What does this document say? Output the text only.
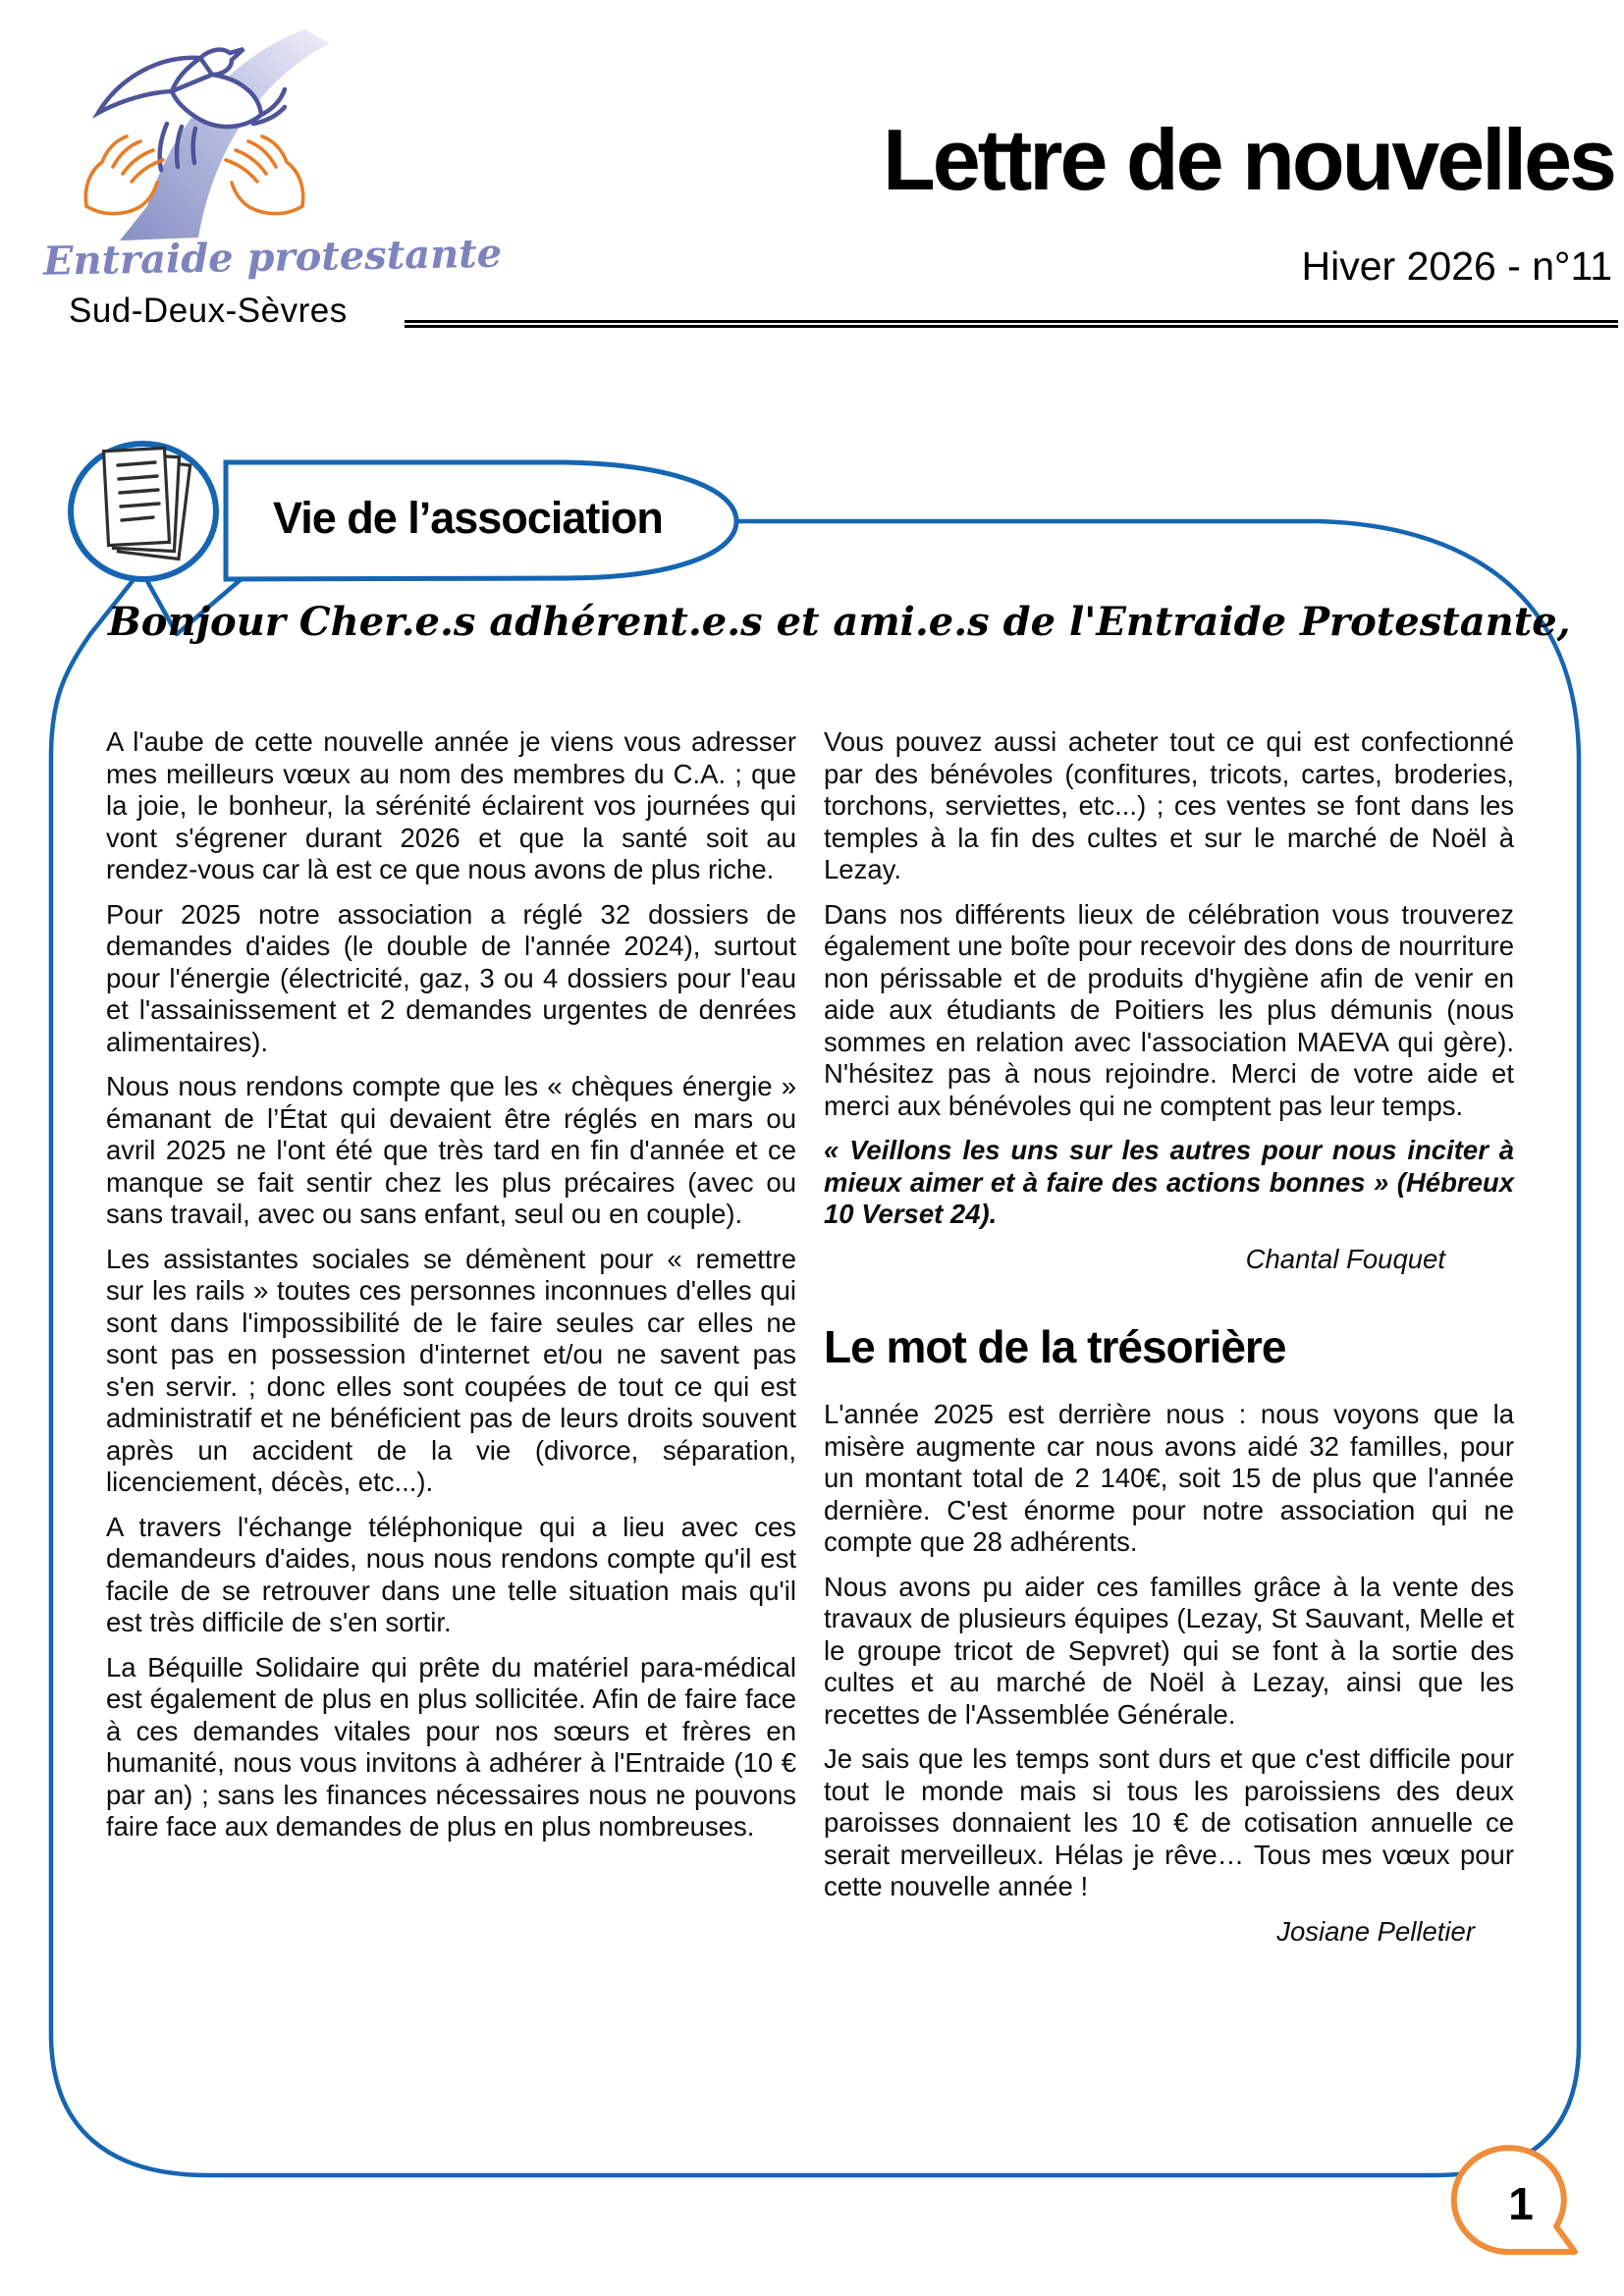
Entraide protestante
Sud-Deux-Sèvres
Lettre de nouvelles
Hiver 2026 - n°11
Vie de l’association
Bonjour Cher.e.s adhérent.e.s et ami.e.s de l'Entraide Protestante,

A l'aube de cette nouvelle année je viens vous adresser mes meilleurs vœux au nom des membres du C.A. ; que la joie, le bonheur, la sérénité éclairent vos journées qui vont s'égrener durant 2026 et que la santé soit au rendez-vous car là est ce que nous avons de plus riche.

Pour 2025 notre association a réglé 32 dossiers de demandes d'aides (le double de l'année 2024), surtout pour l'énergie (électricité, gaz, 3 ou 4 dossiers pour l'eau et l'assainissement et 2 demandes urgentes de denrées alimentaires).

Nous nous rendons compte que les « chèques énergie » émanant de l’État qui devaient être réglés en mars ou avril 2025 ne l'ont été que très tard en fin d'année et ce manque se fait sentir chez les plus précaires (avec ou sans travail, avec ou sans enfant, seul ou en couple).

Les assistantes sociales se démènent pour « remettre sur les rails » toutes ces personnes inconnues d'elles qui sont dans l'impossibilité de le faire seules car elles ne sont pas en possession d'internet et/ou ne savent pas s'en servir. ; donc elles sont coupées de tout ce qui est administratif et ne bénéficient pas de leurs droits souvent après un accident de la vie (divorce, séparation, licenciement, décès, etc...).

A travers l'échange téléphonique qui a lieu avec ces demandeurs d'aides, nous nous rendons compte qu'il est facile de se retrouver dans une telle situation mais qu'il est très difficile de s'en sortir.

La Béquille Solidaire qui prête du matériel para-médical est également de plus en plus sollicitée. Afin de faire face à ces demandes vitales pour nos sœurs et frères en humanité, nous vous invitons à adhérer à l'Entraide (10 € par an) ; sans les finances nécessaires nous ne pouvons faire face aux demandes de plus en plus nombreuses.

Vous pouvez aussi acheter tout ce qui est confectionné par des bénévoles (confitures, tricots, cartes, broderies, torchons, serviettes, etc...) ; ces ventes se font dans les temples à la fin des cultes et sur le marché de Noël à Lezay.

Dans nos différents lieux de célébration vous trouverez également une boîte pour recevoir des dons de nourriture non périssable et de produits d'hygiène afin de venir en aide aux étudiants de Poitiers les plus démunis (nous sommes en relation avec l'association MAEVA qui gère). N'hésitez pas à nous rejoindre. Merci de votre aide et merci aux bénévoles qui ne comptent pas leur temps.

« Veillons les uns sur les autres pour nous inciter à mieux aimer et à faire des actions bonnes » (Hébreux 10 Verset 24).

Chantal Fouquet

Le mot de la trésorière

L'année 2025 est derrière nous : nous voyons que la misère augmente car nous avons aidé 32 familles, pour un montant total de 2 140€, soit 15 de plus que l'année dernière. C'est énorme pour notre association qui ne compte que 28 adhérents.

Nous avons pu aider ces familles grâce à la vente des travaux de plusieurs équipes (Lezay, St Sauvant, Melle et le groupe tricot de Sepvret) qui se font à la sortie des cultes et au marché de Noël à Lezay, ainsi que les recettes de l'Assemblée Générale.

Je sais que les temps sont durs et que c'est difficile pour tout le monde mais si tous les paroissiens des deux paroisses donnaient les 10 € de cotisation annuelle ce serait merveilleux. Hélas je rêve… Tous mes vœux pour cette nouvelle année !

Josiane Pelletier

1
